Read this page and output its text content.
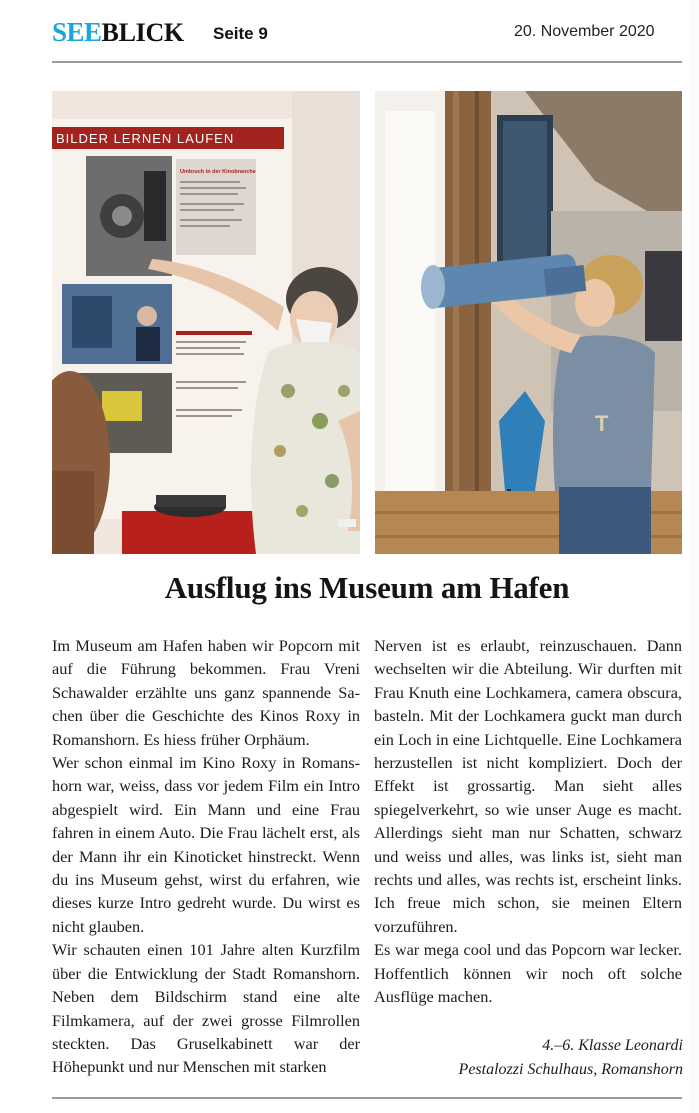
SEE BLICK Seite 9	20. November 2020
BILDER LERNEN LAUFEN
Umbruch in der Kinobranche
T
Ausflug ins Museum am Hafen

Im Museum am Hafen haben wir Popcorn mit auf die Führung bekommen. Frau Vreni Schawalder erzählte uns ganz spannende Sachen über die Geschichte des Kinos Roxy in Romanshorn. Es hiess früher Orphäum.

Wer schon einmal im Kino Roxy in Romanshorn war, weiss, dass vor jedem Film ein Intro abgespielt wird. Ein Mann und eine Frau fahren in einem Auto. Die Frau lächelt erst, als der Mann ihr ein Kinoticket hinstreckt. Wenn du ins Museum gehst, wirst du erfahren, wie dieses kurze Intro gedreht wurde. Du wirst es nicht glauben.

Wir schauten einen 101 Jahre alten Kurzfilm über die Entwicklung der Stadt Romanshorn. Neben dem Bildschirm stand eine alte Filmkamera, auf der zwei grosse Filmrollen steckten. Das Gruselkabinett war der Höhepunkt und nur Menschen mit starken

Nerven ist es erlaubt, reinzuschauen. Dann wechselten wir die Abteilung. Wir durften mit Frau Knuth eine Lochkamera, camera obscura, basteln. Mit der Lochkamera guckt man durch ein Loch in eine Lichtquelle. Eine Lochkamera herzustellen ist nicht kompliziert. Doch der Effekt ist grossartig. Man sieht alles spiegelverkehrt, so wie unser Auge es macht. Allerdings sieht man nur Schatten, schwarz und weiss und alles, was links ist, sieht man rechts und alles, was rechts ist, erscheint links. Ich freue mich schon, sie meinen Eltern vorzuführen.

Es war mega cool und das Popcorn war lecker. Hoffentlich können wir noch oft solche Ausflüge machen.

4.–6. Klasse Leonardi
Pestalozzi Schulhaus, Romanshorn
